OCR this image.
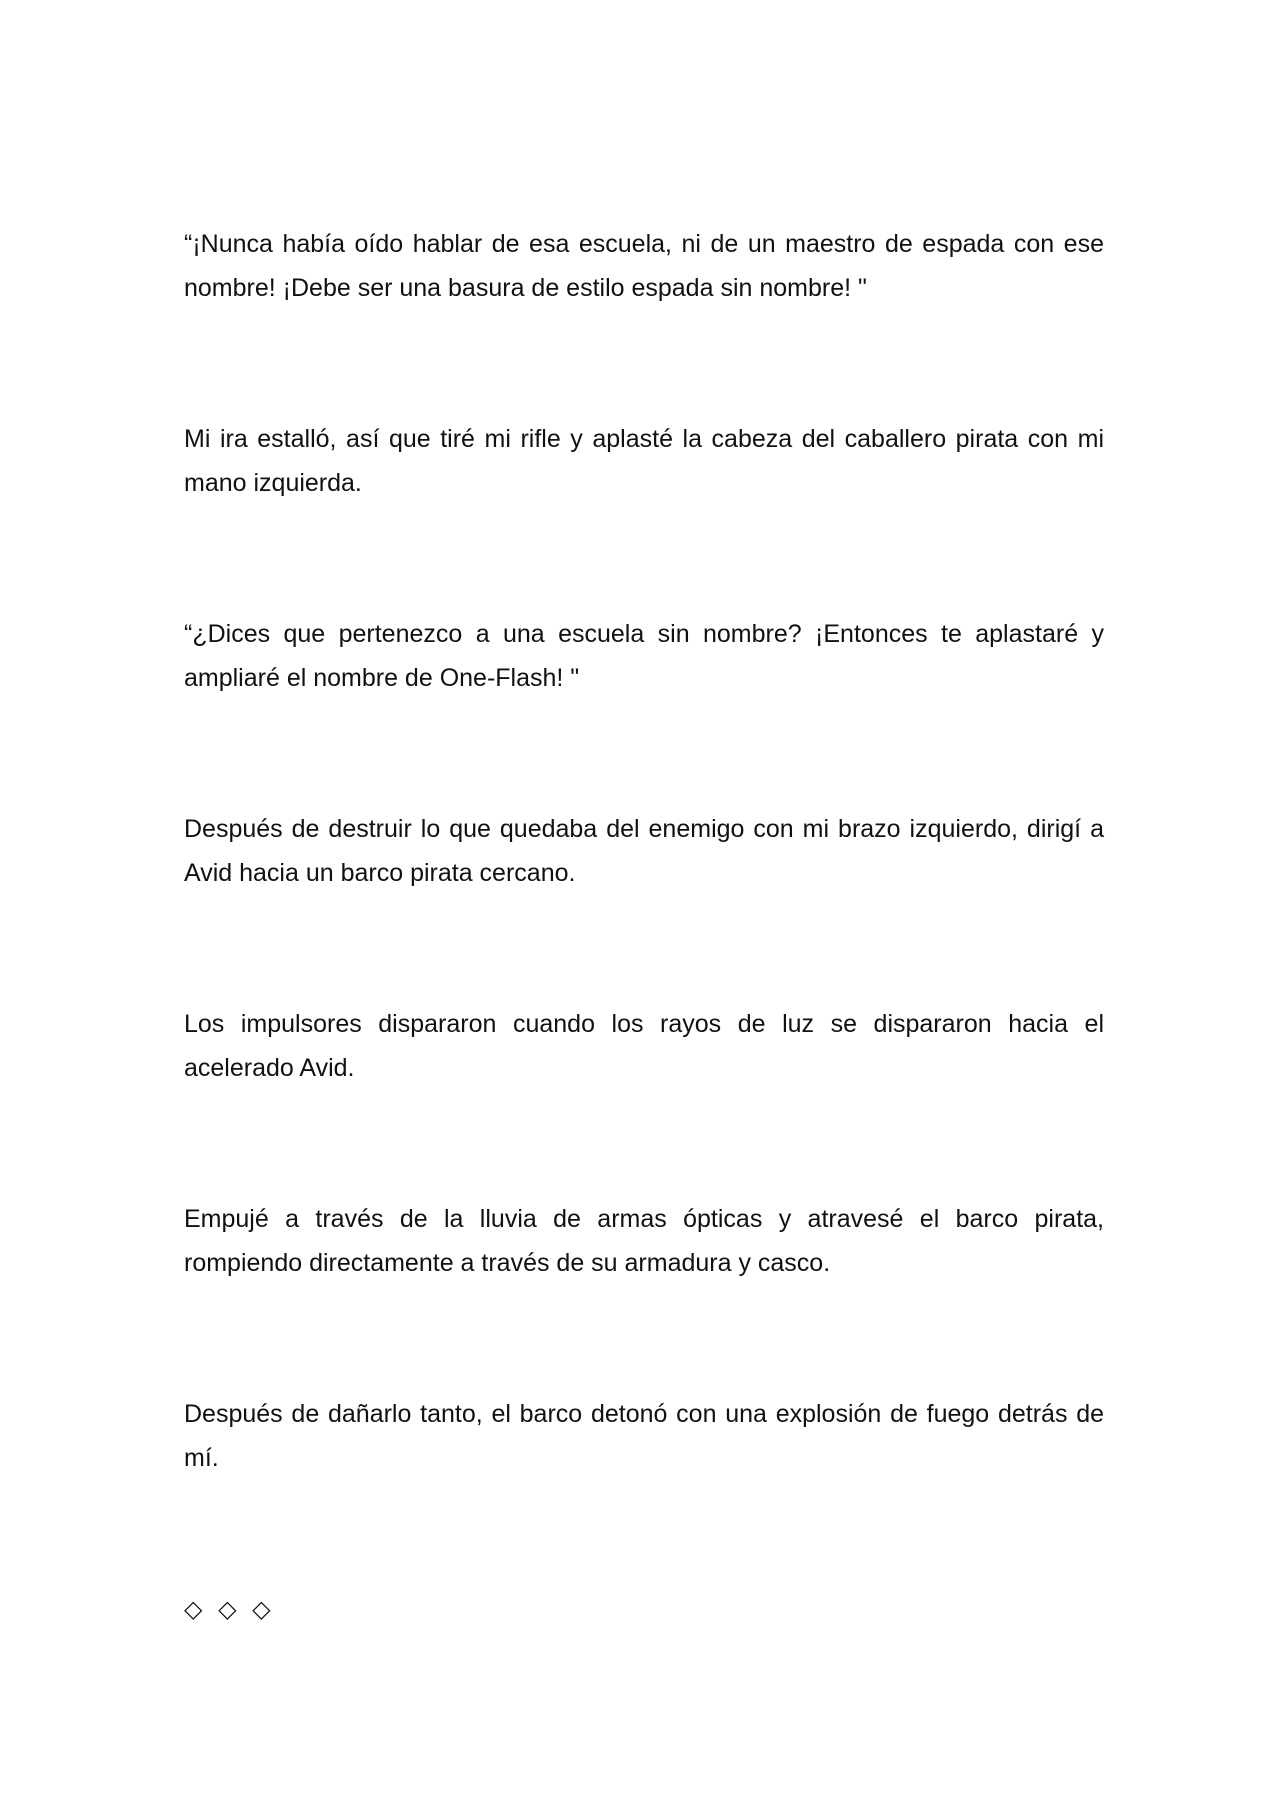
“¡Nunca había oído hablar de esa escuela, ni de un maestro de espada con ese nombre! ¡Debe ser una basura de estilo espada sin nombre! "

Mi ira estalló, así que tiré mi rifle y aplasté la cabeza del caballero pirata con mi mano izquierda.

“¿Dices que pertenezco a una escuela sin nombre? ¡Entonces te aplastaré y ampliaré el nombre de One-Flash! "

Después de destruir lo que quedaba del enemigo con mi brazo izquierdo, dirigí a Avid hacia un barco pirata cercano.

Los impulsores dispararon cuando los rayos de luz se dispararon hacia el acelerado Avid.

Empujé a través de la lluvia de armas ópticas y atravesé el barco pirata, rompiendo directamente a través de su armadura y casco.

Después de dañarlo tanto, el barco detonó con una explosión de fuego detrás de mí.

◇ ◇ ◇
